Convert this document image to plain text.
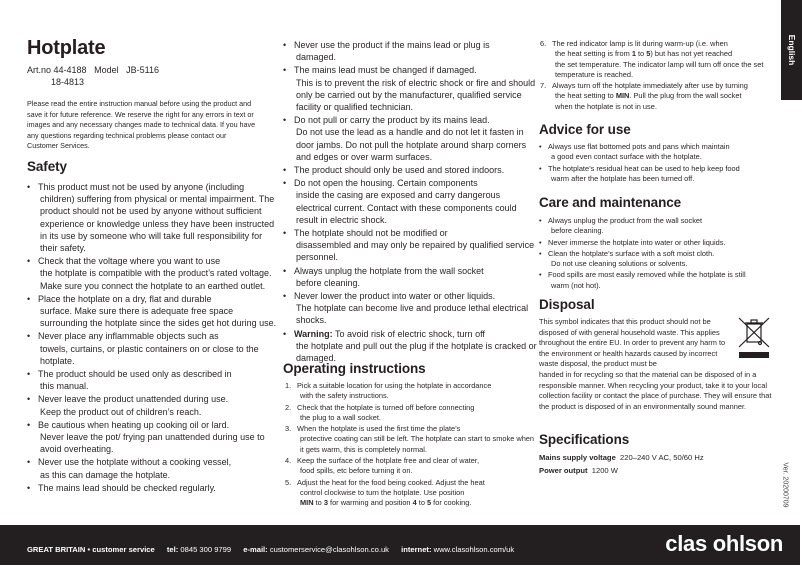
English
Hotplate
Art.no 44-4188 Model JB-5116
18-4813
Please read the entire instruction manual before using the product and save it for future reference. We reserve the right for any errors in text or images and any necessary changes made to technical data. If you have any questions regarding technical problems please contact our Customer Services.
Safety
• This product must not be used by anyone (including
children) suffering from physical or mental impairment. The product should not be used by anyone without sufficient experience or knowledge unless they have been instructed in its use by someone who will take full responsibility for their safety.
• Check that the voltage where you want to use
the hotplate is compatible with the product’s rated voltage. Make sure you connect the hotplate to an earthed outlet.
• Place the hotplate on a dry, flat and durable
surface. Make sure there is adequate free space surrounding the hotplate since the sides get hot during use.
• Never place any inflammable objects such as
towels, curtains, or plastic containers on or close to the hotplate.
• The product should be used only as described in
this manual.
• Never leave the product unattended during use.
Keep the product out of children’s reach.
• Be cautious when heating up cooking oil or lard.
Never leave the pot/ frying pan unattended during use to avoid overheating.
• Never use the hotplate without a cooking vessel,
as this can damage the hotplate.
• The mains lead should be checked regularly.
• Never use the product if the mains lead or plug is
damaged.
• The mains lead must be changed if damaged.
This is to prevent the risk of electric shock or fire and should only be carried out by the manufacturer, qualified service facility or qualified technician.
• Do not pull or carry the product by its mains lead.
Do not use the lead as a handle and do not let it fasten in door jambs. Do not pull the hotplate around sharp corners and edges or over warm surfaces.
• The product should only be used and stored indoors.
• Do not open the housing. Certain components
inside the casing are exposed and carry dangerous electrical current. Contact with these components could result in electric shock.
• The hotplate should not be modified or
disassembled and may only be repaired by qualified service personnel.
• Always unplug the hotplate from the wall socket
before cleaning.
• Never lower the product into water or other liquids.
The hotplate can become live and produce lethal electrical shocks.
• Warning: To avoid risk of electric shock, turn off
the hotplate and pull out the plug if the hotplate is cracked or damaged.
Operating instructions
1. Pick a suitable location for using the hotplate in accordance
with the safety instructions.
2. Check that the hotplate is turned off before connecting
the plug to a wall socket.
3. When the hotplate is used the first time the plate’s
protective coating can still be left. The hotplate can start to smoke when it gets warm, this is completely normal.
4. Keep the surface of the hotplate free and clear of water,
food spills, etc before turning it on.
5. Adjust the heat for the food being cooked. Adjust the heat
control clockwise to turn the hotplate. Use position
MIN to 3 for warming and position 4 to 5 for cooking.
6. The red indicator lamp is lit during warm-up (i.e. when
the heat setting is from 1 to 5) but has not yet reached
the set temperature. The indicator lamp will turn off once the set temperature is reached.
7. Always turn off the hotplate immediately after use by turning
the heat setting to MIN. Pull the plug from the wall socket
when the hotplate is not in use.
Advice for use
• Always use flat bottomed pots and pans which maintain
a good even contact surface with the hotplate.
• The hotplate’s residual heat can be used to help keep food
warm after the hotplate has been turned off.
Care and maintenance
• Always unplug the product from the wall socket
before cleaning.
• Never immerse the hotplate into water or other liquids.
• Clean the hotplate’s surface with a soft moist cloth.
Do not use cleaning solutions or solvents.
• Food spills are most easily removed while the hotplate is still
warm (not hot).
Disposal
This symbol indicates that this product should not be disposed of with general household waste. This applies throughout the entire EU. In order to prevent any harm to the environment or health hazards caused by incorrect waste disposal, the product must be
handed in for recycling so that the material can be disposed of in a responsible manner. When recycling your product, take it to your local collection facility or contact the place of purchase. They will ensure that the product is disposed of in an environmentally sound manner.
Specifications
Mains supply voltage 220–240 V AC, 50/60 Hz
Power output 1200 W	Ver. 20200709
GREAT BRITAIN • customer service tel: 0845 300 9799 e-mail: customerservice@clasohlson.co.uk internet: www.clasohlson.com/uk	clas ohlson
